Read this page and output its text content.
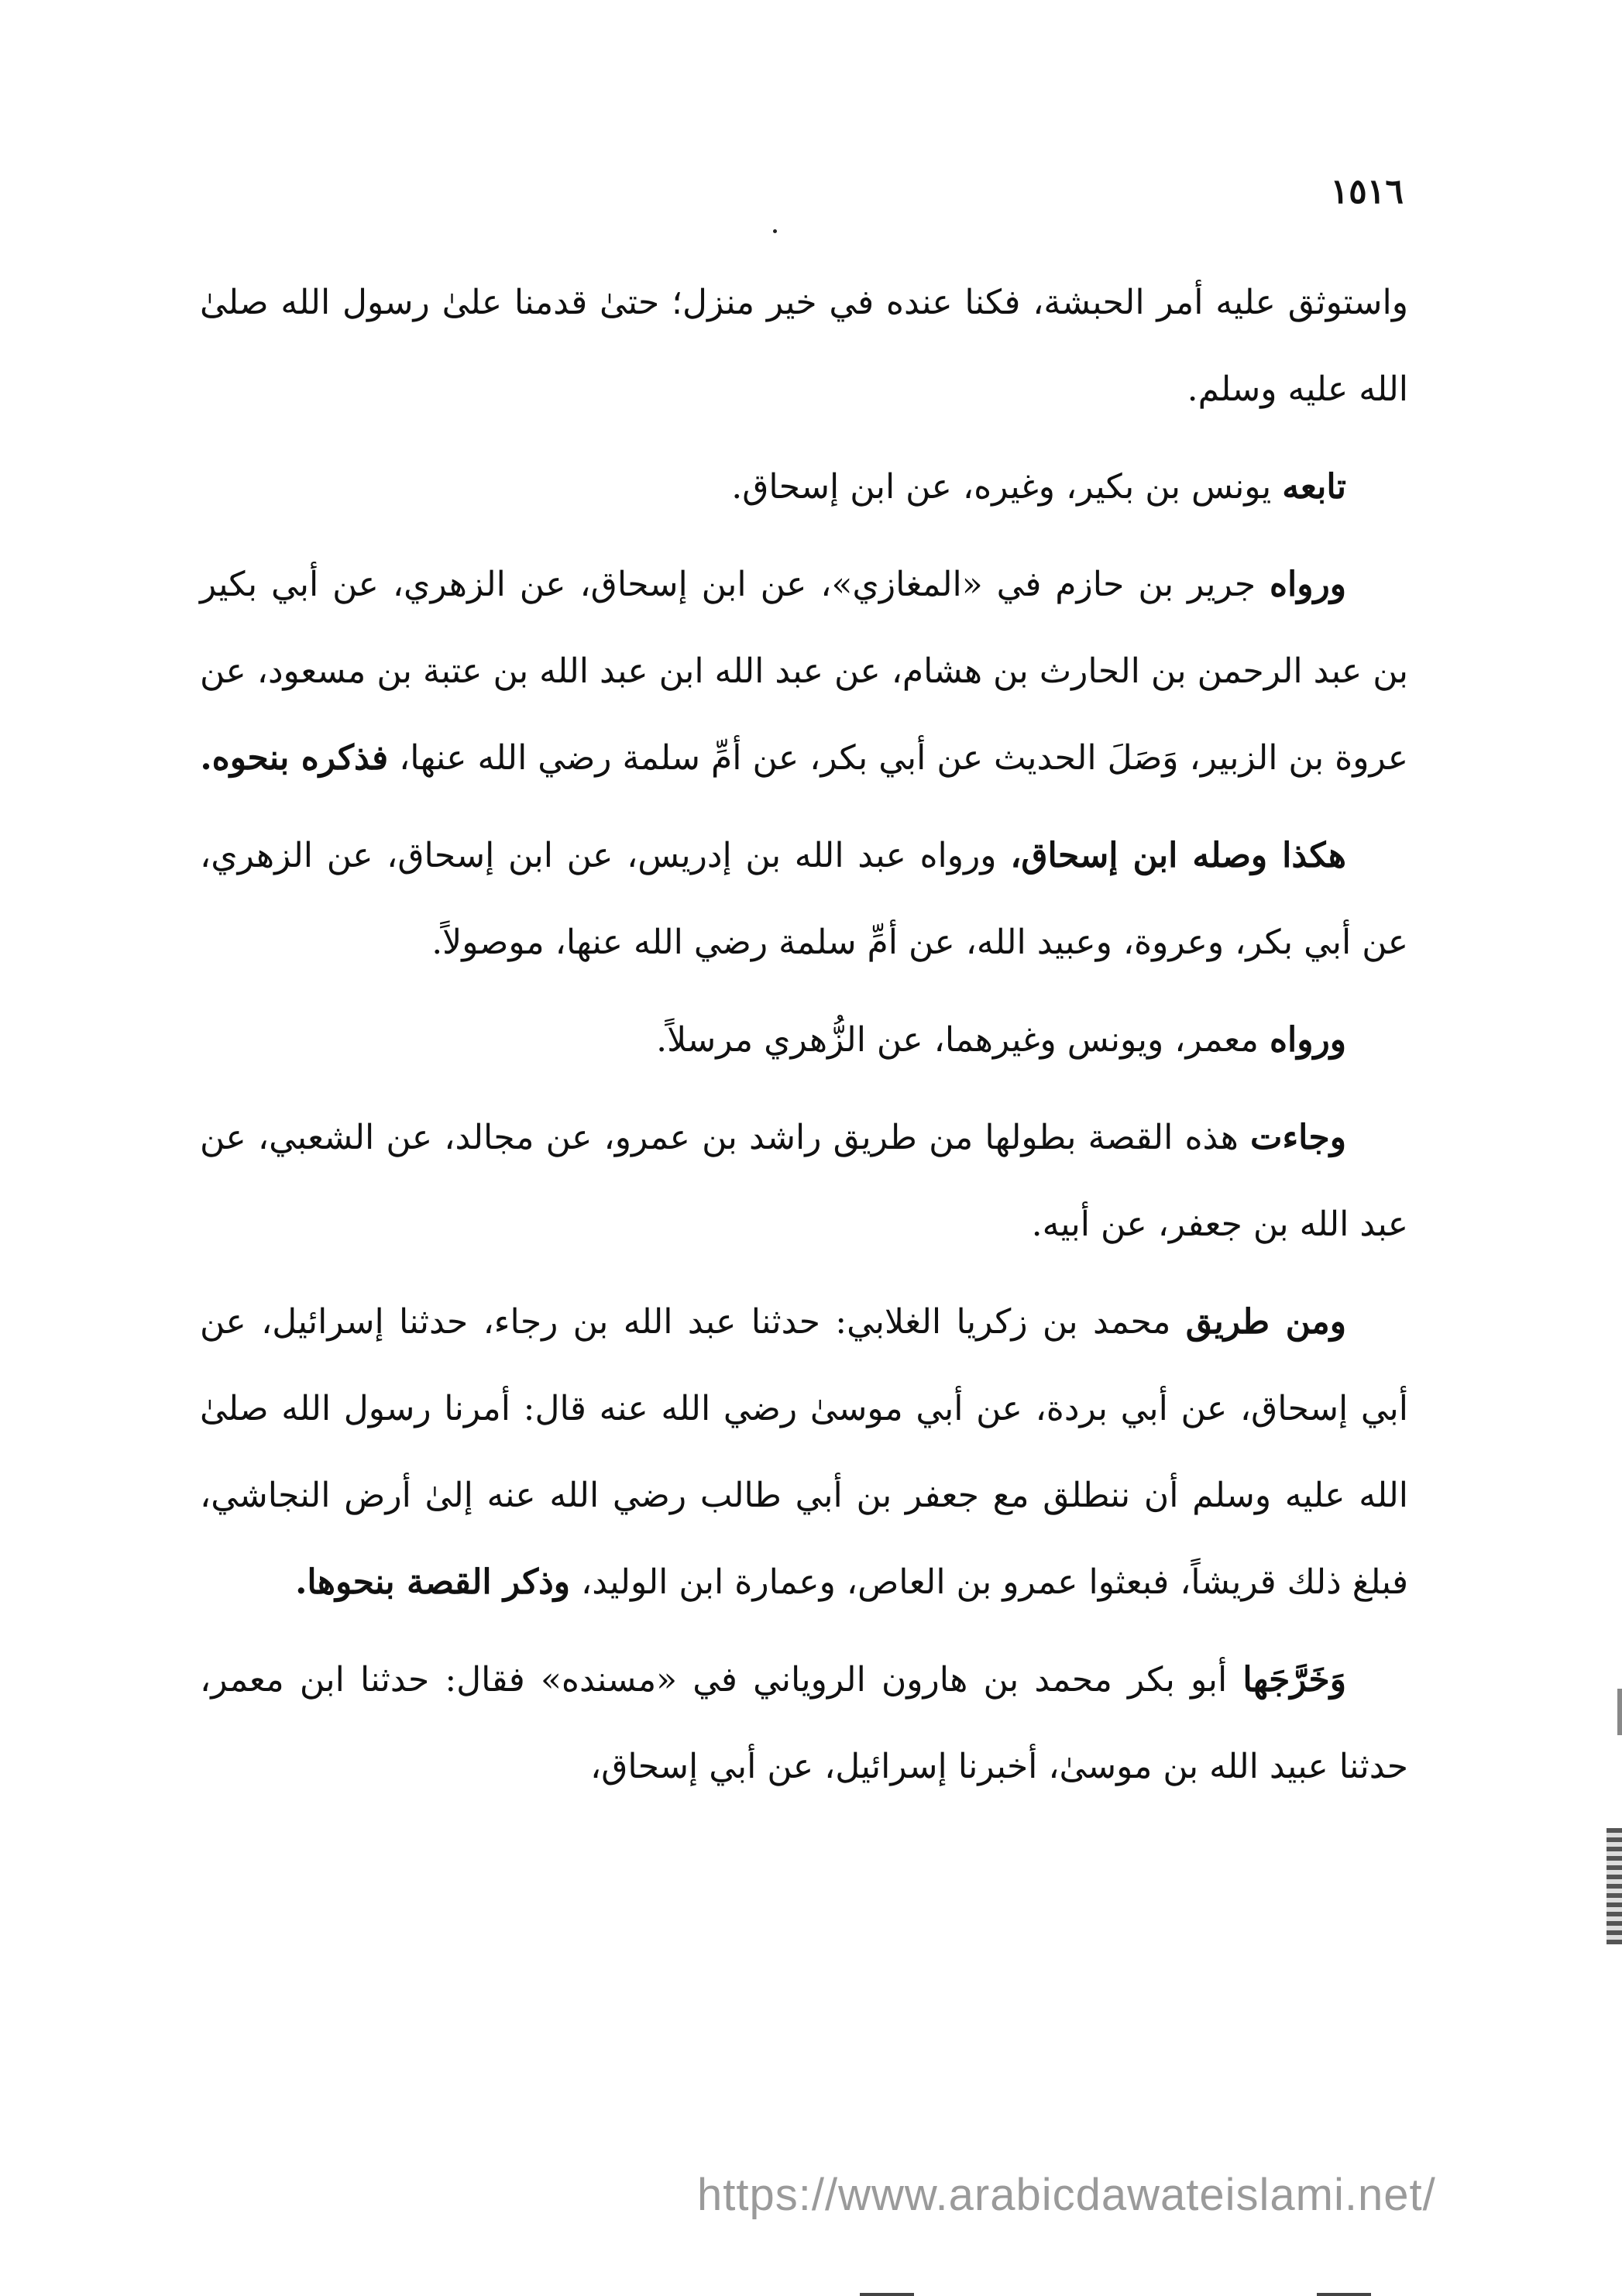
١٥١٦

واستوثق عليه أمر الحبشة، فكنا عنده في خير منزل؛ حتىٰ قدمنا علىٰ رسول الله صلىٰ الله عليه وسلم.

تابعه يونس بن بكير، وغيره، عن ابن إسحاق.

ورواه جرير بن حازم في «المغازي»، عن ابن إسحاق، عن الزهري، عن أبي بكير بن عبد الرحمن بن الحارث بن هشام، عن عبد الله ابن عبد الله بن عتبة بن مسعود، عن عروة بن الزبير، وَصَلَ الحديث عن أبي بكر، عن أمِّ سلمة رضي الله عنها، فذكره بنحوه.

هكذا وصله ابن إسحاق، ورواه عبد الله بن إدريس، عن ابن إسحاق، عن الزهري، عن أبي بكر، وعروة، وعبيد الله، عن أمِّ سلمة رضي الله عنها، موصولاً.

ورواه معمر، ويونس وغيرهما، عن الزُّهري مرسلاً.

وجاءت هذه القصة بطولها من طريق راشد بن عمرو، عن مجالد، عن الشعبي، عن عبد الله بن جعفر، عن أبيه.

ومن طريق محمد بن زكريا الغلابي: حدثنا عبد الله بن رجاء، حدثنا إسرائيل، عن أبي إسحاق، عن أبي بردة، عن أبي موسىٰ رضي الله عنه قال: أمرنا رسول الله صلىٰ الله عليه وسلم أن ننطلق مع جعفر بن أبي طالب رضي الله عنه إلىٰ أرض النجاشي، فبلغ ذلك قريشاً، فبعثوا عمرو بن العاص، وعمارة ابن الوليد، وذكر القصة بنحوها.

وَخَرَّجَها أبو بكر محمد بن هارون الروياني في «مسنده» فقال: حدثنا ابن معمر، حدثنا عبيد الله بن موسىٰ، أخبرنا إسرائيل، عن أبي إسحاق،

https://www.arabicdawateislami.net/
